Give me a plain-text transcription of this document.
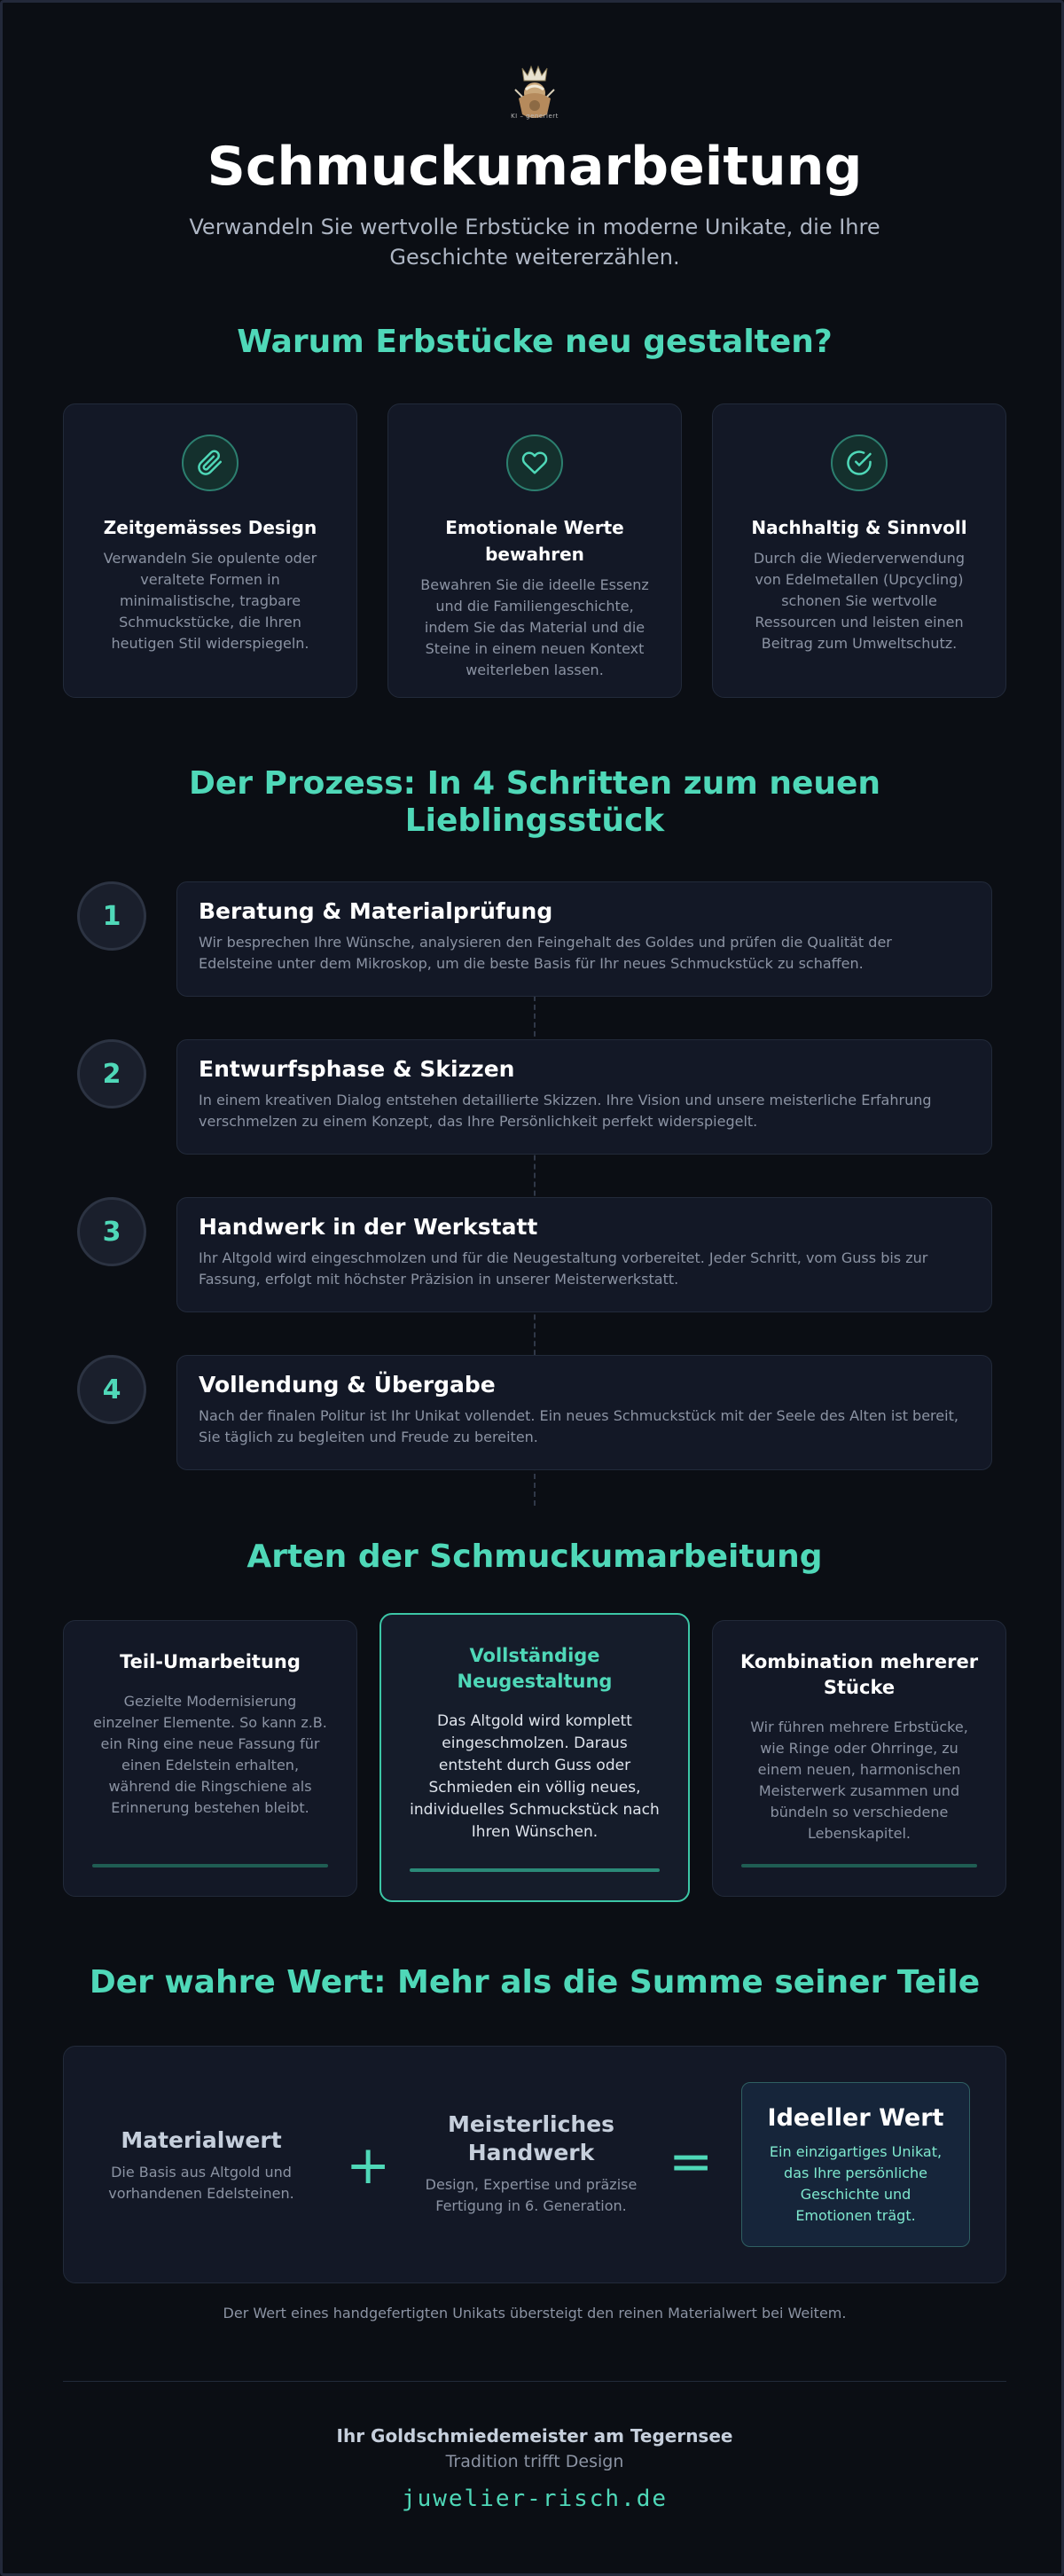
KI – generiert
Schmuckumarbeitung

Verwandeln Sie wertvolle Erbstücke in moderne Unikate, die Ihre Geschichte weitererzählen.

Warum Erbstücke neu gestalten?
Zeitgemässes Design

Verwandeln Sie opulente oder veraltete Formen in minimalistische, tragbare Schmuckstücke, die Ihren heutigen Stil widerspiegeln.

Emotionale Werte bewahren

Bewahren Sie die ideelle Essenz und die Familiengeschichte, indem Sie das Material und die Steine in einem neuen Kontext weiterleben lassen.

Nachhaltig & Sinnvoll

Durch die Wiederverwendung von Edelmetallen (Upcycling) schonen Sie wertvolle Ressourcen und leisten einen Beitrag zum Umweltschutz.

Der Prozess: In 4 Schritten zum neuen Lieblingsstück
1	Beratung & Materialprüfung

Wir besprechen Ihre Wünsche, analysieren den Feingehalt des Goldes und prüfen die Qualität der Edelsteine unter dem Mikroskop, um die beste Basis für Ihr neues Schmuckstück zu schaffen.

2	Entwurfsphase & Skizzen

In einem kreativen Dialog entstehen detaillierte Skizzen. Ihre Vision und unsere meisterliche Erfahrung verschmelzen zu einem Konzept, das Ihre Persönlichkeit perfekt widerspiegelt.

3	Handwerk in der Werkstatt

Ihr Altgold wird eingeschmolzen und für die Neugestaltung vorbereitet. Jeder Schritt, vom Guss bis zur Fassung, erfolgt mit höchster Präzision in unserer Meisterwerkstatt.

4	Vollendung & Übergabe

Nach der finalen Politur ist Ihr Unikat vollendet. Ein neues Schmuckstück mit der Seele des Alten ist bereit, Sie täglich zu begleiten und Freude zu bereiten.

Arten der Schmuckumarbeitung
Teil-Umarbeitung

Gezielte Modernisierung einzelner Elemente. So kann z.B. ein Ring eine neue Fassung für einen Edelstein erhalten, während die Ringschiene als Erinnerung bestehen bleibt.

Vollständige Neugestaltung

Das Altgold wird komplett eingeschmolzen. Daraus entsteht durch Guss oder Schmieden ein völlig neues, individuelles Schmuckstück nach Ihren Wünschen.

Kombination mehrerer Stücke

Wir führen mehrere Erbstücke, wie Ringe oder Ohrringe, zu einem neuen, harmonischen Meisterwerk zusammen und bündeln so verschiedene Lebenskapitel.

Der wahre Wert: Mehr als die Summe seiner Teile
Materialwert

Die Basis aus Altgold und vorhandenen Edelsteinen. +
Meisterliches Handwerk

Design, Expertise und präzise Fertigung in 6. Generation.

=
Ideeller Wert

Ein einzigartiges Unikat, das Ihre persönliche Geschichte und Emotionen trägt.

Der Wert eines handgefertigten Unikats übersteigt den reinen Materialwert bei Weitem.

Ihr Goldschmiedemeister am Tegernsee
Tradition trifft Design
juwelier-risch.de
